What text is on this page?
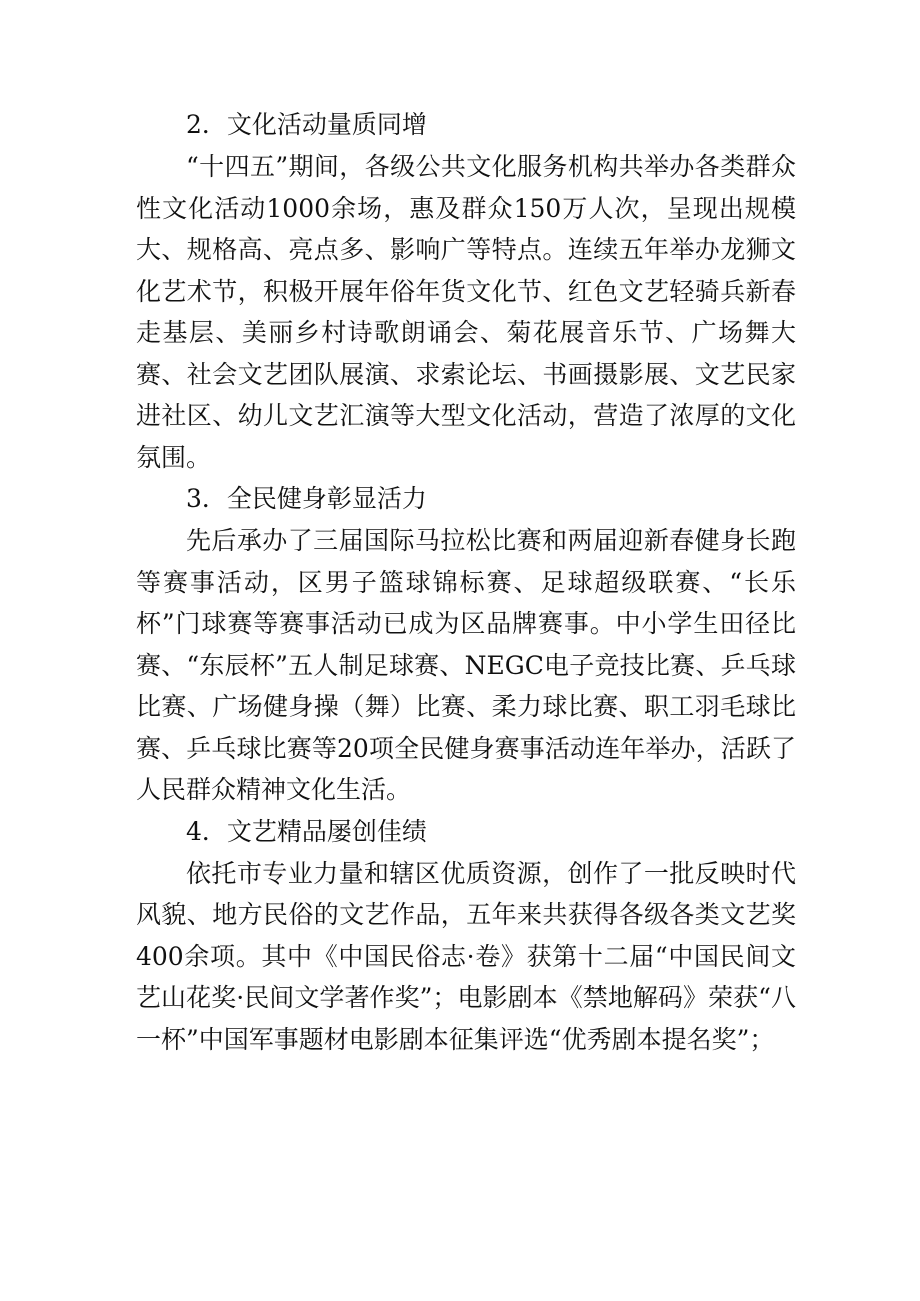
2．文化活动量质同增

“十四五”期间，各级公共文化服务机构共举办各类群众性文化活动1000余场，惠及群众150万人次，呈现出规模大、规格高、亮点多、影响广等特点。连续五年举办龙狮文化艺术节，积极开展年俗年货文化节、红色文艺轻骑兵新春走基层、美丽乡村诗歌朗诵会、菊花展音乐节、广场舞大赛、社会文艺团队展演、求索论坛、书画摄影展、文艺民家进社区、幼儿文艺汇演等大型文化活动，营造了浓厚的文化氛围。

3．全民健身彰显活力

先后承办了三届国际马拉松比赛和两届迎新春健身长跑等赛事活动，区男子篮球锦标赛、足球超级联赛、“长乐杯”门球赛等赛事活动已成为区品牌赛事。中小学生田径比赛、“东辰杯”五人制足球赛、NEGC电子竞技比赛、乒乓球比赛、广场健身操（舞）比赛、柔力球比赛、职工羽毛球比赛、乒乓球比赛等20项全民健身赛事活动连年举办，活跃了人民群众精神文化生活。

4．文艺精品屡创佳绩

依托市专业力量和辖区优质资源，创作了一批反映时代风貌、地方民俗的文艺作品，五年来共获得各级各类文艺奖400余项。其中《中国民俗志·卷》获第十二届“中国民间文艺山花奖·民间文学著作奖”；电影剧本《禁地解码》荣获“八一杯”中国军事题材电影剧本征集评选“优秀剧本提名奖”；
